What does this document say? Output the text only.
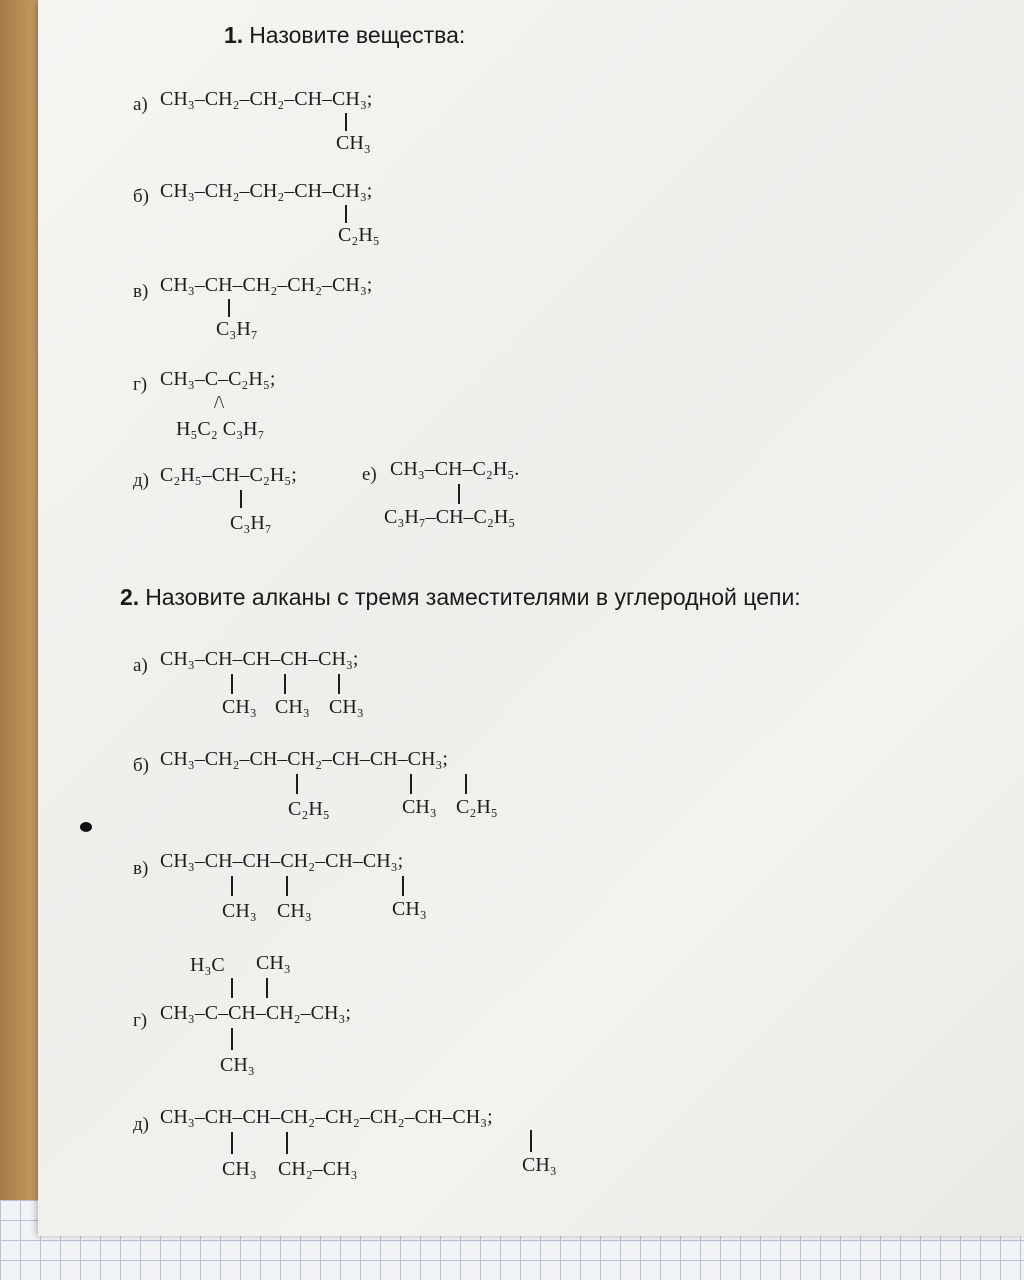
1. Назовите вещества:
а) CH₃–CH₂–CH₂–CH–CH₃;
CH₃
б) CH₃–CH₂–CH₂–CH–CH₃;
C₂H₅
в) CH₃–CH–CH₂–CH₂–CH₃;
C₃H₇
г) CH₃–C–C₂H₅;
/\
H₅C₂ C₃H₇
д) C₂H₅–CH–C₂H₅;
C₃H₇
е) CH₃–CH–C₂H₅.
C₃H₇–CH–C₂H₅
2. Назовите алканы с тремя заместителями в углеродной цепи:
а) CH₃–CH–CH–CH–CH₃;
CH₃ CH₃ CH₃
б) CH₃–CH₂–CH–CH₂–CH–CH–CH₃;
C₂H₅	CH₃ C₂H₅
в) CH₃–CH–CH–CH₂–CH–CH₃;
CH₃ CH₃	CH₃
H₃C CH₃
г) CH₃–C–CH–CH₂–CH₃;
CH₃
д) CH₃–CH–CH–CH₂–CH₂–CH₂–CH–CH₃;
CH₃ CH₂–CH₃	CH₃
